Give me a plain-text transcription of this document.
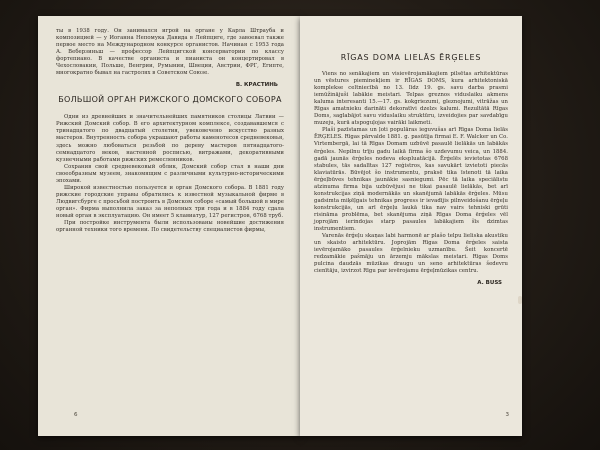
ты в 1938 году. Он занимался игрой на органе у Карла Штрауба и композицией — у Иоганна Непомука Давида в Лейпциге, где завоевал также первое место на Международном конкурсе органистов. Начиная с 1953 года А. Веберзиньш — профессор Лейпцигской консерватории по классу фортепиано. В качестве органиста и пианиста он концертировал в Чехословакии, Польше, Венгрии, Румынии, Швеции, Австрии, ФРГ, Египте, многократно бывал на гастролях в Советском Союзе.

В. КРАСТИНЬ
БОЛЬШОЙ ОРГАН РИЖСКОГО ДОМСКОГО СОБОРА

Одни из древнейших и значительнейших памятников столицы Латвии — Рижский Домский собор. В его архитектурном комплексе, создававшемся с тринадцатого по двадцатый столетия, увековечено искусство разных мастеров. Внутренность собора украшают работы каменотесов средневековья, здесь можно любоваться резьбой по дереву мастеров пятнадцатого-семнадцатого веков, настенной росписью, витражами, декоративными кузнечными работами рижских ремесленников.

Сохранив свой средневековый облик, Домский собор стал в наши дни своеобразным музеем, знакомящим с различными культурно-историческими эпохами.

Широкой известностью пользуется и орган Домского собора. В 1881 году рижские городские управы обратились к известной музыкальной фирме в Людвигсбурге с просьбой построить в Домском соборе «самый большой в мире орган». Фирма выполнила заказ за неполных три года и в 1884 году сдала новый орган в эксплуатацию. Он имеет 5 клавиатур, 127 регистров, 6768 труб.

При постройке инструмента были использованы новейшие достижения органной техники того времени. По свидетельству специалистов фирмы,

6
RĪGAS DOMA LIELĀS ĒRĢELES

Viens no senākajiem un visievērojamākajiem pilsētas arhitektūras un vēstures pieminekļiem ir RĪGAS DOMS, kura arhitektoniskā komplekse celtniecībā no 13. līdz 19. gs. savu darba prasmi iemūžinājuši labākie meistari. Telpas greznos viduslaiku akmens kaluma interesanti 15.—17. gs. kokgriezumi, gleznojumi, vitrāžas un Rīgas amatnieku darināti dekoratīvi dzelzs kalumi. Rezultātā Rīgas Doms, saglabājot savu viduslaiku struktūru, izveidojies par savdabīgu muzeju, kurā atspoguļojas vairāki laikmeti.

Plaši pazīstamas un ļoti populāras ieguvušas arī Rīgas Doma lielās ĒRĢELES. Rīgas pārvalde 1881. g. pasūtīja firmai E. F. Walcker un Co. Virtembergā, lai tā Rīgas Domam uzbūvē pasaulē lielākās un labākās ērģeles. Nepilnu trīju gadu laikā firma šo uzdevumu veica, un 1884. gadā jaunās ērģeles nodeva ekspluatācijā. Ērģelēs ievietotas 6768 stabules, tās sadalītas 127 reģistros, kas savukārt izvietoti piecās klaviatūrās. Būvējot šo instrumentu, praksē tika īstenoti tā laika ērģeļbūves tehnikas jaunākie sasniegumi. Pēc tā laika speciālistu atzinuma firma bija uzbūvējusi ne tikai pasaulē lielākās, bet arī konstrukcijas ziņā modernākās un skanējumā labākās ērģeles. Mūsu gadsimta miķēļgais tehnikas progress ir ievadījis pilnveidošanu ērģeļu konstrukcijās, un arī ērģeļu laukā tika nav vairs tehniski grūti risināma problēma, bet skanējuma ziņā Rīgas Doma ērģeles vēl joprojām ierindojas starp pasaules labākajiem šīs dzimtas instrumentiem.

Varenās ērģeļu skaņas labi harmonē ar plašo telpu lieliska akustiku un skaisto arhitektūru. Joprojām Rīgas Doma ērģeles saista ievērojamāko pasaules ērģelnieku uzmanību. Šeit koncertē redzamākie pašmāju un ārzemju mākslas meistari. Rīgas Doms pulcina daudzās mūzikas draugu un seno arhitektūras šedevru cienītāju, izvirzot Rīgu par ievērojamu ērģeļmūzikas centru.

A. BUSS
3
